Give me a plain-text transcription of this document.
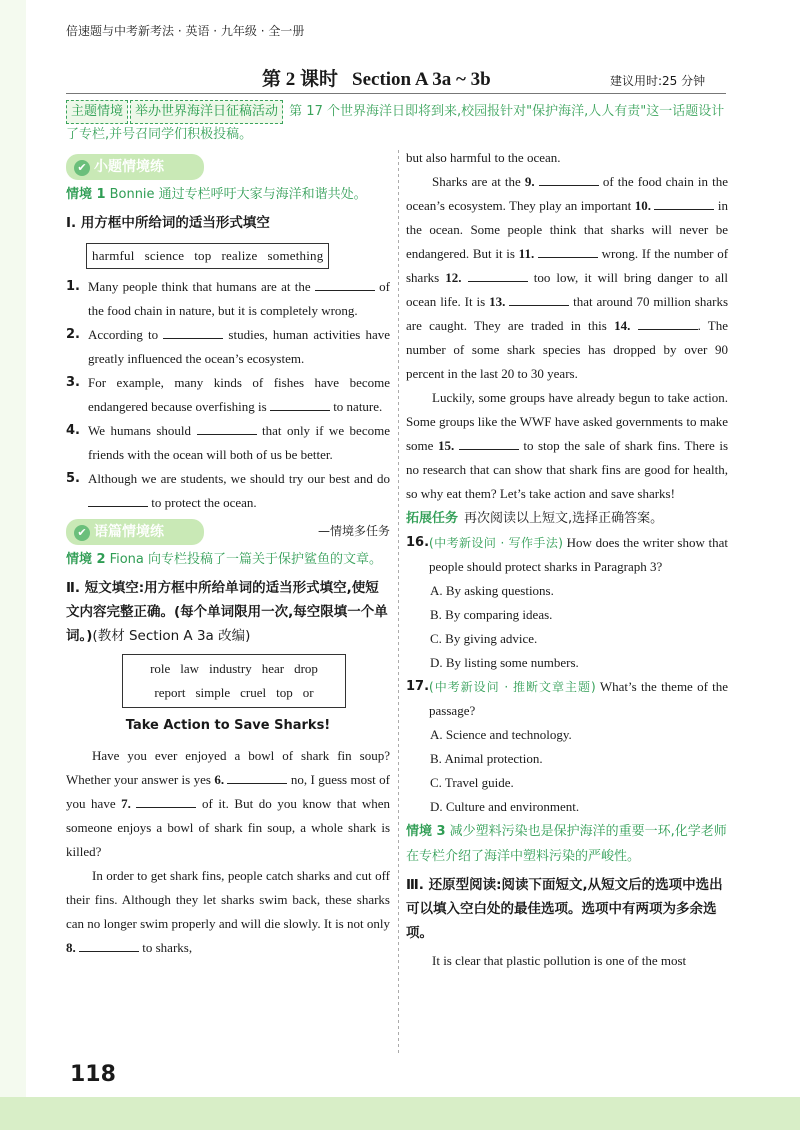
倍速题与中考新考法 · 英语 · 九年级 · 全一册
第 2 课时 Section A 3a ~ 3b	建议用时:25 分钟
主题情境 举办世界海洋日征稿活动 第 17 个世界海洋日即将到来,校园报针对"保护海洋,人人有责"这一话题设计了专栏,并号召同学们积极投稿。
✔ 小题情境练
情境 1 Bonnie 通过专栏呼吁大家与海洋和谐共处。
Ⅰ. 用方框中所给词的适当形式填空
harmful science top realize something
1. Many people think that humans are at the	of the food chain in nature, but it is completely wrong.
2. According to	studies, human activities have greatly influenced the ocean’s ecosystem.
3. For example, many kinds of fishes have become endangered because overfishing is	to nature.
4. We humans should	that only if we become friends with the ocean will both of us be better.
5. Although we are students, we should try our best and do  to protect the ocean.
✔ 语篇情境练	—情境多任务
情境 2 Fiona 向专栏投稿了一篇关于保护鲨鱼的文章。
Ⅱ. 短文填空:用方框中所给单词的适当形式填空,使短文内容完整正确。(每个单词限用一次,每空限填一个单词。)(教材 Section A 3a 改编)
role law industry hear drop
report simple cruel top or
Take Action to Save Sharks!
Have you ever enjoyed a bowl of shark fin soup? Whether your answer is yes 6.	no, I guess most of you have 7.	of it. But do you know that when someone enjoys a bowl of shark fin soup, a whole shark is killed?
In order to get shark fins, people catch sharks and cut off their fins. Although they let sharks swim back, these sharks can no longer swim properly and will die slowly. It is not only 8.	to sharks,
but also harmful to the ocean.
Sharks are at the 9.	of the food chain in the ocean’s ecosystem. They play an important 10.	in the ocean. Some people think that sharks will never be endangered. But it is 11.	wrong. If the number of sharks 12.	too low, it will bring danger to all ocean life. It is 13.	that around 70 million sharks are caught. They are traded in this 14.	. The number of some shark species has dropped by over 90 percent in the last 20 to 30 years.
Luckily, some groups have already begun to take action. Some groups like the WWF have asked governments to make some 15.	to stop the sale of shark fins. There is no research that can show that shark fins are good for health, so why eat them? Let’s take action and save sharks!
拓展任务 再次阅读以上短文,选择正确答案。
16. (中考新设问 · 写作手法) How does the writer show that people should protect sharks in Paragraph 3?
A. By asking questions.
B. By comparing ideas.
C. By giving advice.
D. By listing some numbers.
17. (中考新设问 · 推断文章主题) What’s the theme of the passage?
A. Science and technology.
B. Animal protection.
C. Travel guide.
D. Culture and environment.
情境 3 减少塑料污染也是保护海洋的重要一环,化学老师在专栏介绍了海洋中塑料污染的严峻性。
Ⅲ. 还原型阅读:阅读下面短文,从短文后的选项中选出可以填入空白处的最佳选项。选项中有两项为多余选项。
It is clear that plastic pollution is one of the most
118
